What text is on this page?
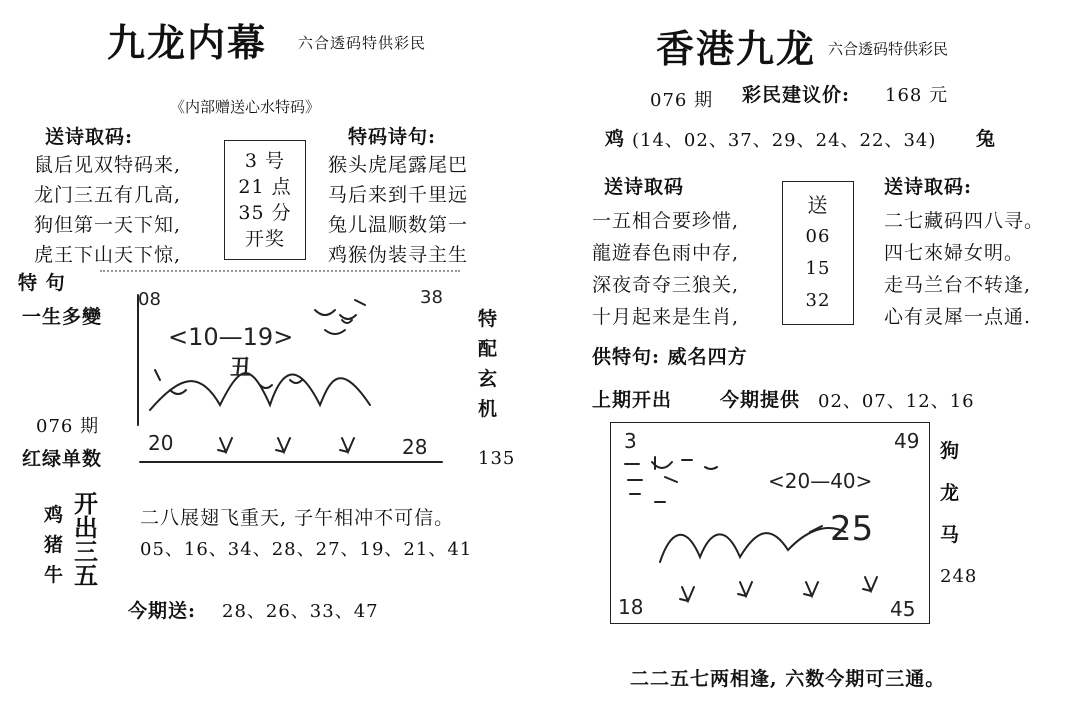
九龙内幕 六合透码特供彩民
《内部赠送心水特码》
送诗取码:	特码诗句:
鼠后见双特码来,
龙门三五有几高,
狗但第一天下知,
虎王下山天下惊,
3 号
21 点
35 分
开奖
猴头虎尾露尾巴
马后来到千里远
兔儿温顺数第一
鸡猴伪装寻主生
特 句
一生多變
08	38
<10—19>
丑
特
配
玄
机
076 期
红绿单数
20	28	135
鸡
猪
牛
开
出
三
五
二八展翅飞重天, 子午相冲不可信。
05、16、34、28、27、19、21、41
今期送: 28、26、33、47
香港九龙 六合透码特供彩民
076 期 彩民建议价: 168 元
鸡 (14、02、37、29、24、22、34) 兔
送诗取码	送诗取码:
一五相合要珍惜,
龍遊春色雨中存,
深夜奇夺三狼关,
十月起来是生肖,
送
06
15
32
二七藏码四八寻。
四七來婦女明。
走马兰台不转逢,
心有灵犀一点通.
供特句: 威名四方
上期开出	今期提供 02、07、12、16
3	49
18	45
<20—40>
25
狗
龙
马
248
二二五七两相逢, 六数今期可三通。
